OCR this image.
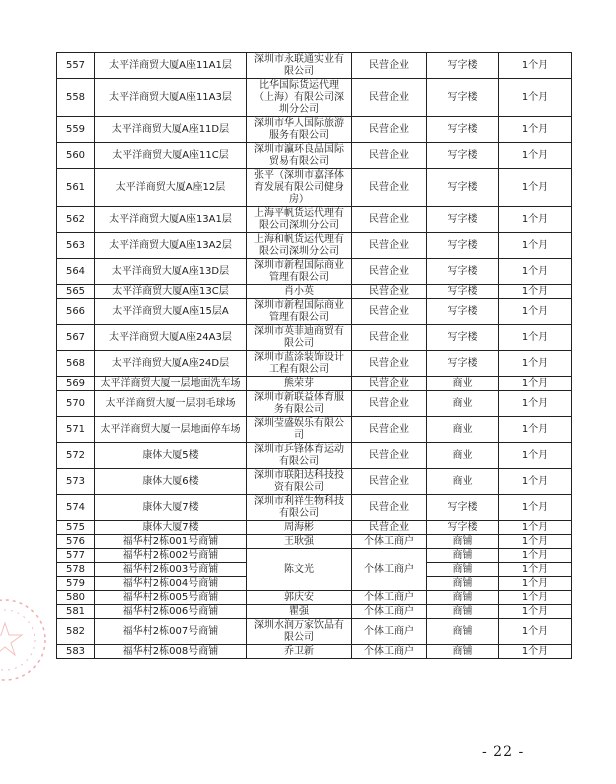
557	太平洋商贸大厦A座11A1层	深圳市永联通实业有限公司	民营企业	写字楼	1个月
558	太平洋商贸大厦A座11A3层	比华国际货运代理（上海）有限公司深圳分公司	民营企业	写字楼	1个月
559	太平洋商贸大厦A座11D层	深圳市华人国际旅游服务有限公司	民营企业	写字楼	1个月
560	太平洋商贸大厦A座11C层	深圳市瀛环良品国际贸易有限公司	民营企业	写字楼	1个月
561	太平洋商贸大厦A座12层	张平（深圳市嘉泽体育发展有限公司健身房）	民营企业	写字楼	1个月
562	太平洋商贸大厦A座13A1层	上海平帆货运代理有限公司深圳分公司	民营企业	写字楼	1个月
563	太平洋商贸大厦A座13A2层	上海和帆货运代理有限公司深圳分公司	民营企业	写字楼	1个月
564	太平洋商贸大厦A座13D层	深圳市新程国际商业管理有限公司	民营企业	写字楼	1个月
565	太平洋商贸大厦A座13C层	肖小英	民营企业	写字楼	1个月
566	太平洋商贸大厦A座15层A	深圳市新程国际商业管理有限公司	民营企业	写字楼	1个月
567	太平洋商贸大厦A座24A3层	深圳市英菲迪商贸有限公司	民营企业	写字楼	1个月
568	太平洋商贸大厦A座24D层	深圳市蓝涂装饰设计工程有限公司	民营企业	写字楼	1个月
569	太平洋商贸大厦一层地面洗车场	熊荣芽	民营企业	商业	1个月
570	太平洋商贸大厦一层羽毛球场	深圳市新联益体育服务有限公司	民营企业	商业	1个月
571	太平洋商贸大厦一层地面停车场	深圳莹盛娱乐有限公司	民营企业	商业	1个月
572	康体大厦5楼	深圳市乒锋体育运动有限公司	民营企业	商业	1个月
573	康体大厦6楼	深圳市联阳达科技投资有限公司	民营企业	商业	1个月
574	康体大厦7楼	深圳市利祥生物科技有限公司	民营企业	写字楼	1个月
575	康体大厦7楼	周海彬	民营企业	写字楼	1个月
576	福华村2栋001号商铺	王耿强	个体工商户	商铺	1个月
577	福华村2栋002号商铺	陈文光	个体工商户	商铺	1个月
578	福华村2栋003号商铺			商铺	1个月
579	福华村2栋004号商铺			商铺	1个月
580	福华村2栋005号商铺	郭庆安	个体工商户	商铺	1个月
581	福华村2栋006号商铺	瞿强	个体工商户	商铺	1个月
582	福华村2栋007号商铺	深圳水润万家饮品有限公司	个体工商户	商铺	1个月
583	福华村2栋008号商铺	乔卫新	个体工商户	商铺	1个月
- 22 -
